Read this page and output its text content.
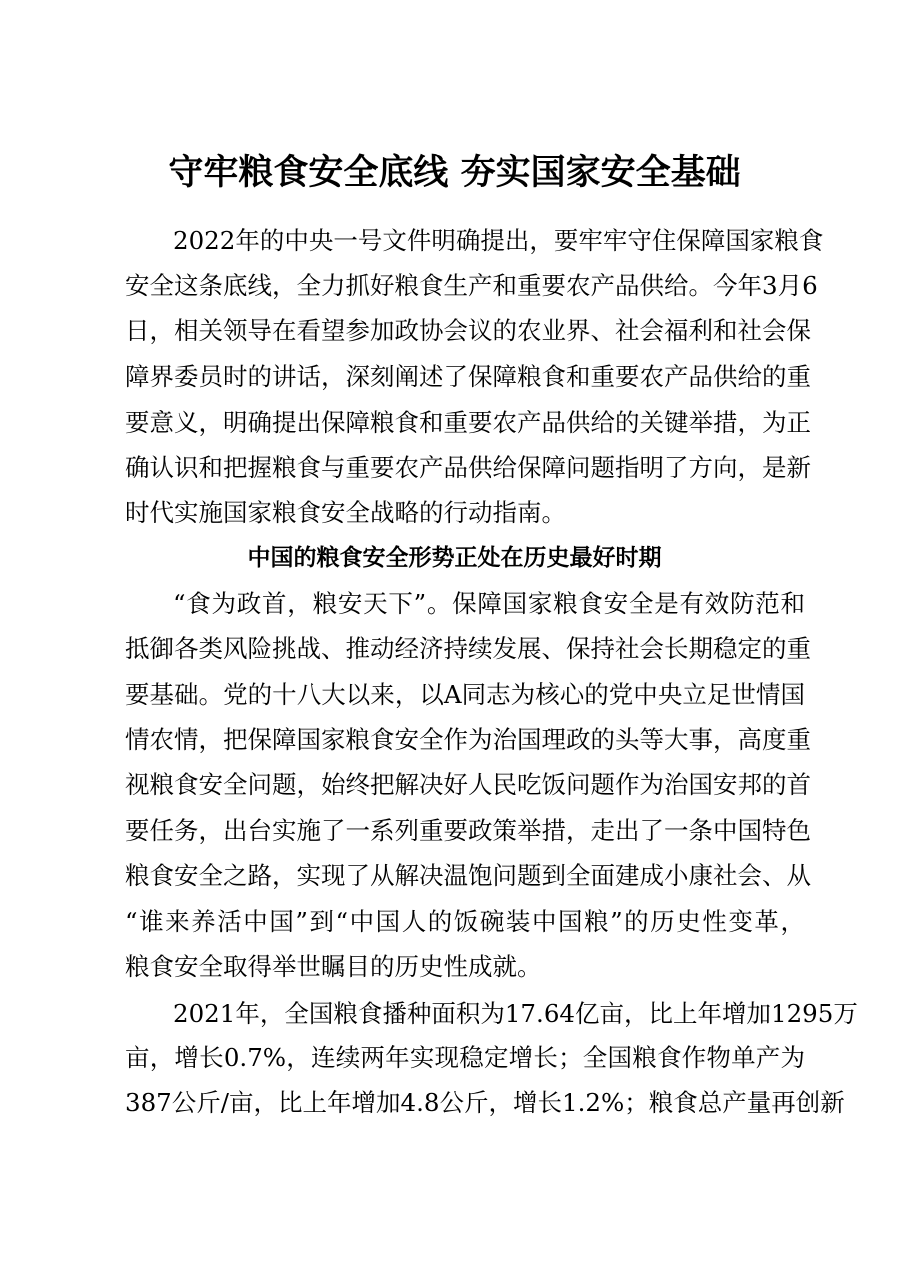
守牢粮食安全底线 夯实国家安全基础
2022年的中央一号文件明确提出，要牢牢守住保障国家粮食
安全这条底线，全力抓好粮食生产和重要农产品供给。今年3月6
日，相关领导在看望参加政协会议的农业界、社会福利和社会保
障界委员时的讲话，深刻阐述了保障粮食和重要农产品供给的重
要意义，明确提出保障粮食和重要农产品供给的关键举措，为正
确认识和把握粮食与重要农产品供给保障问题指明了方向，是新
时代实施国家粮食安全战略的行动指南。
中国的粮食安全形势正处在历史最好时期
“食为政首，粮安天下”。保障国家粮食安全是有效防范和
抵御各类风险挑战、推动经济持续发展、保持社会长期稳定的重
要基础。党的十八大以来，以A同志为核心的党中央立足世情国
情农情，把保障国家粮食安全作为治国理政的头等大事，高度重
视粮食安全问题，始终把解决好人民吃饭问题作为治国安邦的首
要任务，出台实施了一系列重要政策举措，走出了一条中国特色
粮食安全之路，实现了从解决温饱问题到全面建成小康社会、从
“谁来养活中国”到“中国人的饭碗装中国粮”的历史性变革，
粮食安全取得举世瞩目的历史性成就。
2021年，全国粮食播种面积为17.64亿亩，比上年增加1295万
亩，增长0.7%，连续两年实现稳定增长；全国粮食作物单产为
387公斤/亩，比上年增加4.8公斤，增长1.2%；粮食总产量再创新
